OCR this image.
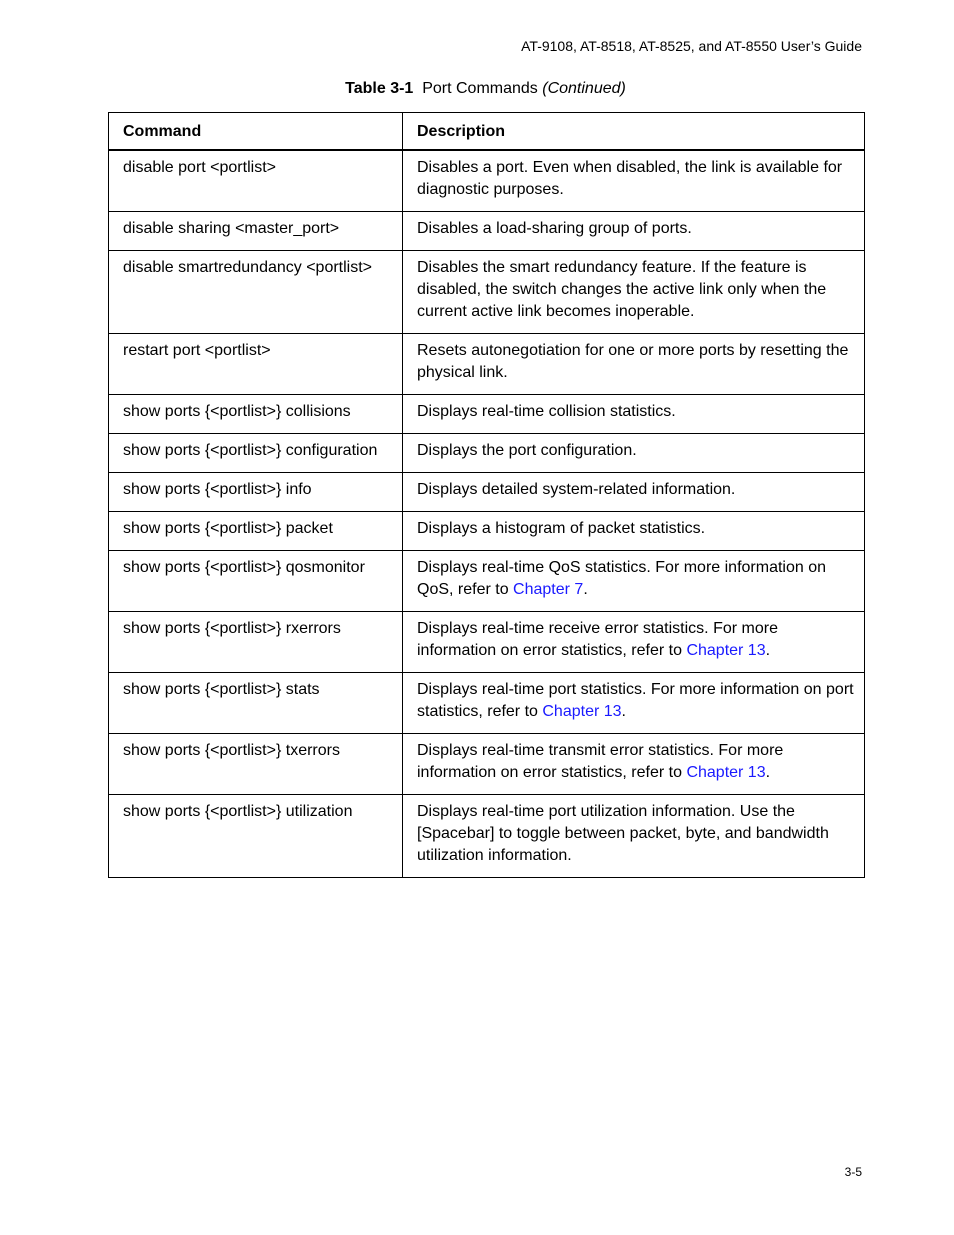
AT-9108, AT-8518, AT-8525, and AT-8550 User’s Guide
Table 3-1 Port Commands (Continued)
Command	Description
disable port <portlist>	Disables a port. Even when disabled, the link is available for diagnostic purposes.
disable sharing <master_port>	Disables a load-sharing group of ports.
disable smartredundancy <portlist>	Disables the smart redundancy feature. If the feature is disabled, the switch changes the active link only when the current active link becomes inoperable.
restart port <portlist>	Resets autonegotiation for one or more ports by resetting the physical link.
show ports {<portlist>} collisions	Displays real-time collision statistics.
show ports {<portlist>} configuration	Displays the port configuration.
show ports {<portlist>} info	Displays detailed system-related information.
show ports {<portlist>} packet	Displays a histogram of packet statistics.
show ports {<portlist>} qosmonitor	Displays real-time QoS statistics. For more information on QoS, refer to Chapter 7.
show ports {<portlist>} rxerrors	Displays real-time receive error statistics. For more information on error statistics, refer to Chapter 13.
show ports {<portlist>} stats	Displays real-time port statistics. For more information on port statistics, refer to Chapter 13.
show ports {<portlist>} txerrors	Displays real-time transmit error statistics. For more information on error statistics, refer to Chapter 13.
show ports {<portlist>} utilization	Displays real-time port utilization information. Use the [Spacebar] to toggle between packet, byte, and bandwidth utilization information.
3-5
